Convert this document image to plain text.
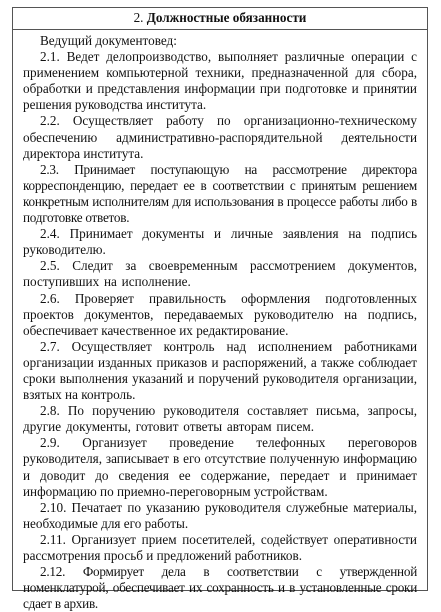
2. Должностные обязанности

Ведущий документовед:

2.1. Ведет делопроизводство, выполняет различные операции с применением компьютерной техники, предназначенной для сбора, обработки и представления информации при подготовке и принятии решения руководства института.

2.2. Осуществляет работу по организационно-техническому обеспечению административно-распорядительной деятельности директора института.

2.3. Принимает поступающую на рассмотрение директора корреспонденцию, передает ее в соответствии с принятым решением конкретным исполнителям для использования в процессе работы либо в подготовке ответов.

2.4. Принимает документы и личные заявления на подпись руководителю.

2.5. Следит за своевременным рассмотрением документов, поступивших на исполнение.

2.6. Проверяет правильность оформления подготовленных проектов документов, передаваемых руководителю на подпись, обеспечивает качественное их редактирование.

2.7. Осуществляет контроль над исполнением работниками организации изданных приказов и распоряжений, а также соблюдает сроки выполнения указаний и поручений руководителя организации, взятых на контроль.

2.8. По поручению руководителя составляет письма, запросы, другие документы, готовит ответы авторам писем.

2.9. Организует проведение телефонных переговоров руководителя, записывает в его отсутствие полученную информацию и доводит до сведения ее содержание, передает и принимает информацию по приемно-переговорным устройствам.

2.10. Печатает по указанию руководителя служебные материалы, необходимые для его работы.

2.11. Организует прием посетителей, содействует оперативности рассмотрения просьб и предложений работников.

2.12. Формирует дела в соответствии с утвержденной номенклатурой, обеспечивает их сохранность и в установленные сроки сдает в архив.
